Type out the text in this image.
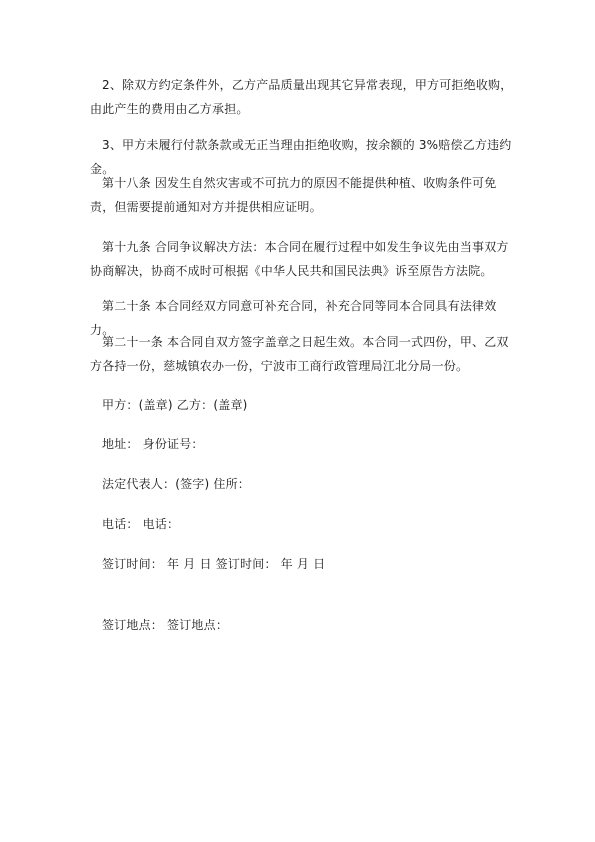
2、除双方约定条件外，乙方产品质量出现其它异常表现，甲方可拒绝收购，由此产生的费用由乙方承担。

3、甲方未履行付款条款或无正当理由拒绝收购，按余额的 3%赔偿乙方违约金。

第十八条 因发生自然灾害或不可抗力的原因不能提供种植、收购条件可免责，但需要提前通知对方并提供相应证明。

第十九条 合同争议解决方法：本合同在履行过程中如发生争议先由当事双方协商解决，协商不成时可根据《中华人民共和国民法典》诉至原告方法院。

第二十条 本合同经双方同意可补充合同，补充合同等同本合同具有法律效力。

第二十一条 本合同自双方签字盖章之日起生效。本合同一式四份，甲、乙双方各持一份，慈城镇农办一份，宁波市工商行政管理局江北分局一份。

甲方：(盖章) 乙方：(盖章)

地址： 身份证号：

法定代表人：(签字) 住所：

电话： 电话：

签订时间： 年 月 日 签订时间： 年 月 日

签订地点： 签订地点：
